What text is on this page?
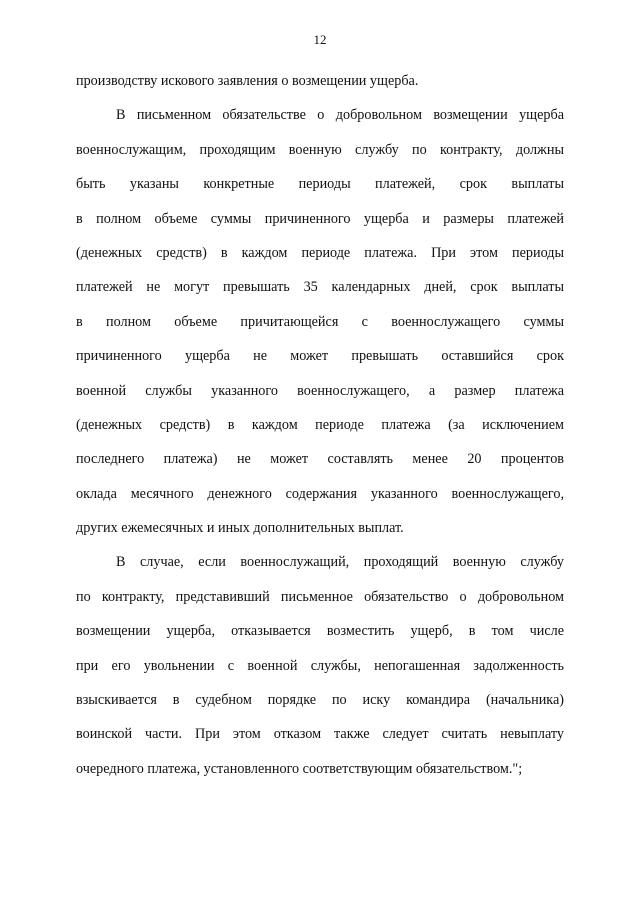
12
производству искового заявления о возмещении ущерба.
В письменном обязательстве о добровольном возмещении ущерба
военнослужащим, проходящим военную службу по контракту, должны
быть указаны конкретные периоды платежей, срок выплаты
в полном объеме суммы причиненного ущерба и размеры платежей
(денежных средств) в каждом периоде платежа. При этом периоды
платежей не могут превышать 35 календарных дней, срок выплаты
в полном объеме причитающейся с военнослужащего суммы
причиненного ущерба не может превышать оставшийся срок
военной службы указанного военнослужащего, а размер платежа
(денежных средств) в каждом периоде платежа (за исключением
последнего платежа) не может составлять менее 20 процентов
оклада месячного денежного содержания указанного военнослужащего,
других ежемесячных и иных дополнительных выплат.
В случае, если военнослужащий, проходящий военную службу
по контракту, представивший письменное обязательство о добровольном
возмещении ущерба, отказывается возместить ущерб, в том числе
при его увольнении с военной службы, непогашенная задолженность
взыскивается в судебном порядке по иску командира (начальника)
воинской части. При этом отказом также следует считать невыплату
очередного платежа, установленного соответствующим обязательством.";
